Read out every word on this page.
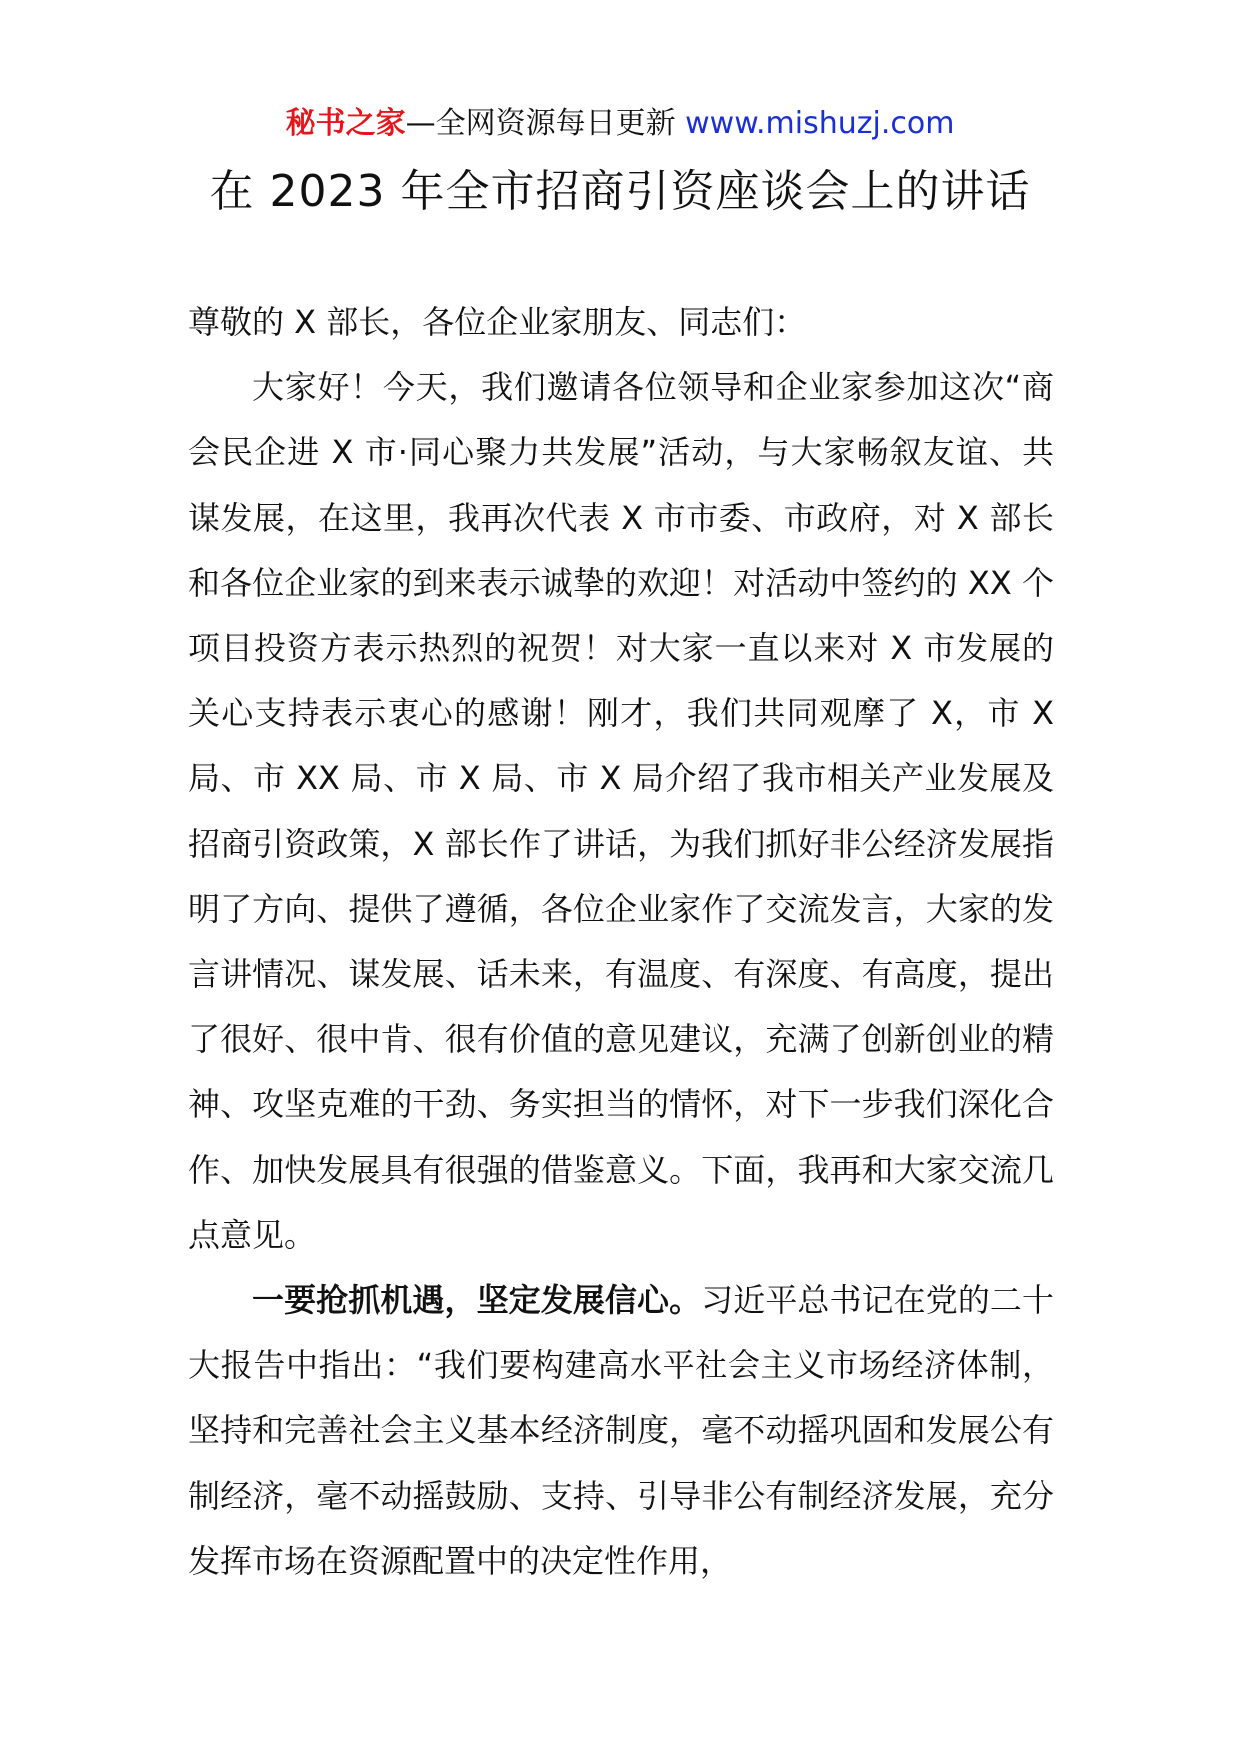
秘书之家—全网资源每日更新 www.mishuzj.com
在 2023 年全市招商引资座谈会上的讲话

尊敬的 X 部长，各位企业家朋友、同志们：

大家好！今天，我们邀请各位领导和企业家参加这次“商会民企进 X 市·同心聚力共发展”活动，与大家畅叙友谊、共谋发展，在这里，我再次代表 X 市市委、市政府，对 X 部长和各位企业家的到来表示诚挚的欢迎！对活动中签约的 XX 个项目投资方表示热烈的祝贺！对大家一直以来对 X 市发展的关心支持表示衷心的感谢！刚才，我们共同观摩了 X，市 X 局、市 XX 局、市 X 局、市 X 局介绍了我市相关产业发展及招商引资政策，X 部长作了讲话，为我们抓好非公经济发展指明了方向、提供了遵循，各位企业家作了交流发言，大家的发言讲情况、谋发展、话未来，有温度、有深度、有高度，提出了很好、很中肯、很有价值的意见建议，充满了创新创业的精神、攻坚克难的干劲、务实担当的情怀，对下一步我们深化合作、加快发展具有很强的借鉴意义。下面，我再和大家交流几点意见。

一要抢抓机遇，坚定发展信心。习近平总书记在党的二十大报告中指出：“我们要构建高水平社会主义市场经济体制，坚持和完善社会主义基本经济制度，毫不动摇巩固和发展公有制经济，毫不动摇鼓励、支持、引导非公有制经济发展，充分发挥市场在资源配置中的决定性作用，
